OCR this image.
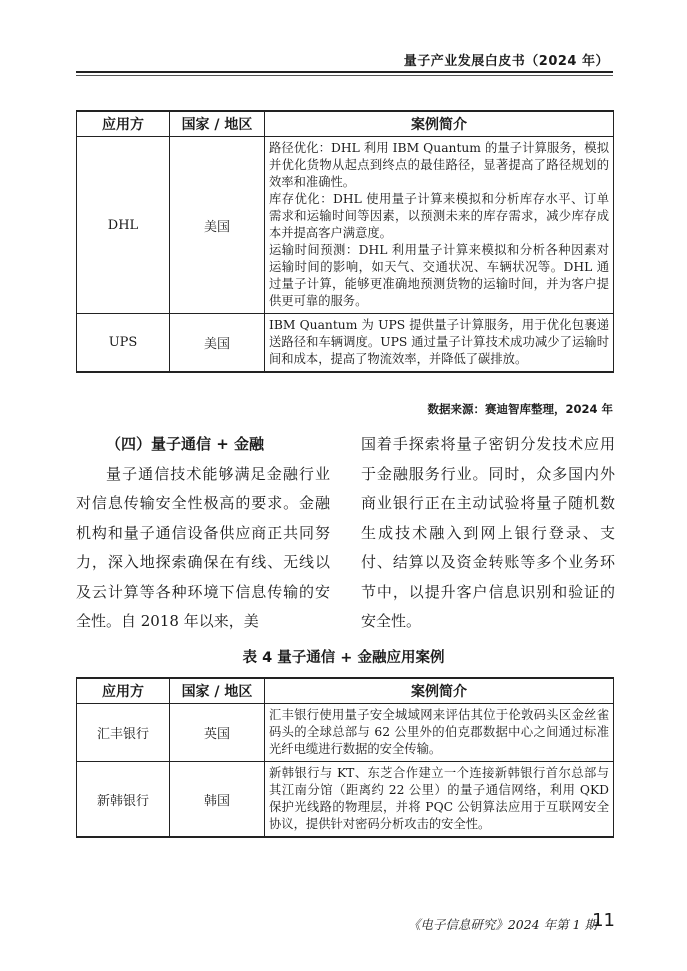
量子产业发展白皮书（2024 年）
应用方	国家 / 地区	案例简介
DHL	美国	路径优化：DHL 利用 IBM Quantum 的量子计算服务，模拟并优化货物从起点到终点的最佳路径，显著提高了路径规划的效率和准确性。

库存优化：DHL 使用量子计算来模拟和分析库存水平、订单需求和运输时间等因素，以预测未来的库存需求，减少库存成本并提高客户满意度。

运输时间预测：DHL 利用量子计算来模拟和分析各种因素对运输时间的影响，如天气、交通状况、车辆状况等。DHL 通过量子计算，能够更准确地预测货物的运输时间，并为客户提供更可靠的服务。

UPS	美国	IBM Quantum 为 UPS 提供量子计算服务，用于优化包裹递送路径和车辆调度。UPS 通过量子计算技术成功减少了运输时间和成本，提高了物流效率，并降低了碳排放。

数据来源：赛迪智库整理，2024 年

（四）量子通信 + 金融

量子通信技术能够满足金融行业对信息传输安全性极高的要求。金融机构和量子通信设备供应商正共同努力，深入地探索确保在有线、无线以及云计算等各种环境下信息传输的安全性。自 2018 年以来，美

国着手探索将量子密钥分发技术应用于金融服务行业。同时，众多国内外商业银行正在主动试验将量子随机数生成技术融入到网上银行登录、支付、结算以及资金转账等多个业务环节中，以提升客户信息识别和验证的安全性。

表 4 量子通信 + 金融应用案例
应用方	国家 / 地区	案例简介
汇丰银行	英国	汇丰银行使用量子安全城域网来评估其位于伦敦码头区金丝雀码头的全球总部与 62 公里外的伯克郡数据中心之间通过标准光纤电缆进行数据的安全传输。
新韩银行	韩国	新韩银行与 KT、东芝合作建立一个连接新韩银行首尔总部与其江南分馆（距离约 22 公里）的量子通信网络，利用 QKD 保护光线路的物理层，并将 PQC 公钥算法应用于互联网安全协议，提供针对密码分析攻击的安全性。
《电子信息研究》2024 年第 1 期
11
